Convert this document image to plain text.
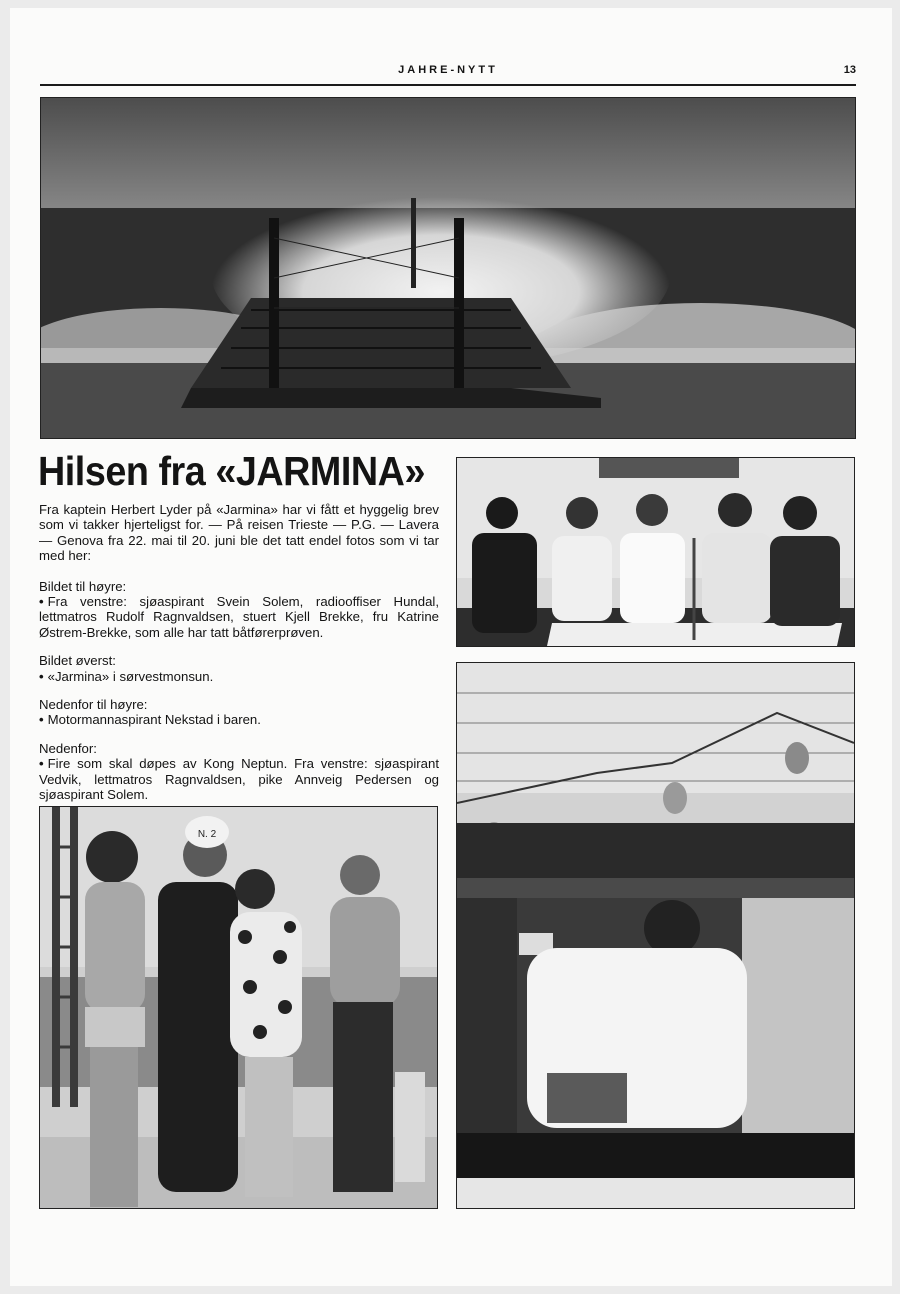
JAHRE-NYTT	13
Hilsen fra «JARMINA»

Fra kaptein Herbert Lyder på «Jarmina» har vi fått et hyggelig brev som vi takker hjerteligst for. — På reisen Trieste — P.G. — Lavera — Genova fra 22. mai til 20. juni ble det tatt endel fotos som vi tar med her:

Bildet til høyre:
• Fra venstre: sjøaspirant Svein Solem, radiooffiser Hundal, lettmatros Rudolf Ragnvaldsen, stuert Kjell Brekke, fru Katrine Østrem-Brekke, som alle har tatt båtførerprøven.
Bildet øverst:
• «Jarmina» i sørvestmonsun.
Nedenfor til høyre:
• Motormannaspirant Nekstad i baren.
Nedenfor:
• Fire som skal døpes av Kong Neptun. Fra venstre: sjøaspirant Vedvik, lettmatros Ragnvaldsen, pike Annveig Pedersen og sjøaspirant Solem.
N. 2
